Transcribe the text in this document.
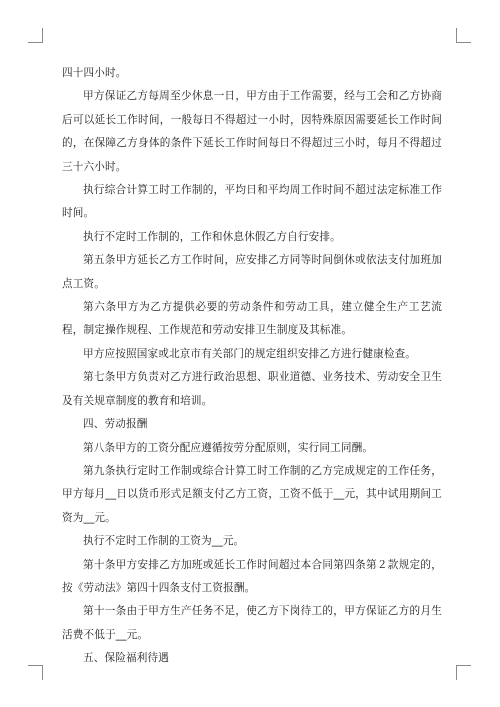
四十四小时。

甲方保证乙方每周至少休息一日，甲方由于工作需要，经与工会和乙方协商后可以延长工作时间，一般每日不得超过一小时，因特殊原因需要延长工作时间的，在保障乙方身体的条件下延长工作时间每日不得超过三小时，每月不得超过三十六小时。

执行综合计算工时工作制的，平均日和平均周工作时间不超过法定标准工作时间。

执行不定时工作制的，工作和休息休假乙方自行安排。

第五条甲方延长乙方工作时间，应安排乙方同等时间倒休或依法支付加班加点工资。

第六条甲方为乙方提供必要的劳动条件和劳动工具，建立健全生产工艺流程，制定操作规程、工作规范和劳动安排卫生制度及其标准。

甲方应按照国家或北京市有关部门的规定组织安排乙方进行健康检查。

第七条甲方负责对乙方进行政治思想、职业道德、业务技术、劳动安全卫生及有关规章制度的教育和培训。

四、劳动报酬

第八条甲方的工资分配应遵循按劳分配原则，实行同工同酬。

第九条执行定时工作制或综合计算工时工作制的乙方完成规定的工作任务，甲方每月__日以货币形式足额支付乙方工资，工资不低于__元，其中试用期间工资为__元。

执行不定时工作制的工资为__元。

第十条甲方安排乙方加班或延长工作时间超过本合同第四条第２款规定的，按《劳动法》第四十四条支付工资报酬。

第十一条由于甲方生产任务不足，使乙方下岗待工的，甲方保证乙方的月生活费不低于__元。

五、保险福利待遇
